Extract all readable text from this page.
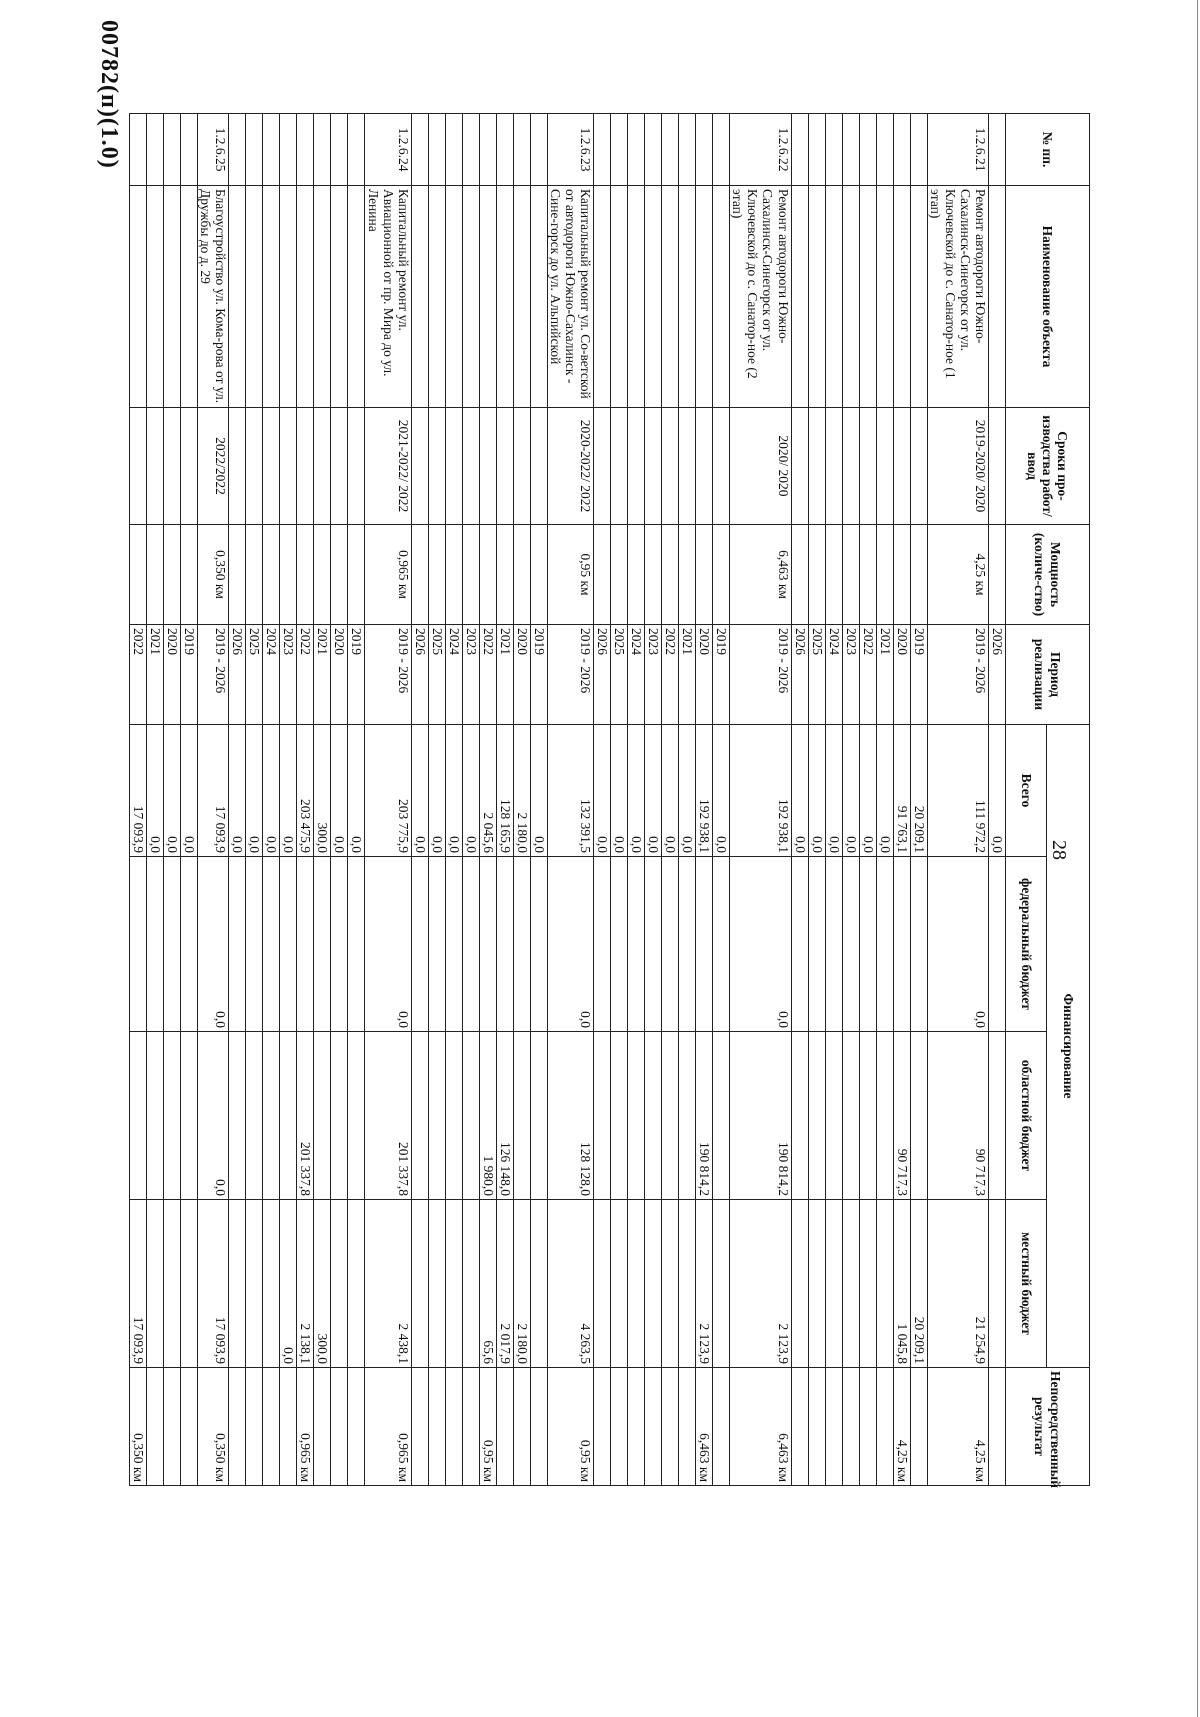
28
№ пп.	Наименование объекта	Сроки про-изводства работ/ ввод	Мощность (количе-ство)	Период реализации	Финансирование				Непосредственный результат
					Всего	федеральный бюджет	областной бюджет	местный бюджет	
				2026	0,0				
1.2.6.21	Ремонт автодороги Южно-Сахалинск-Синегорск от ул. Ключевской до с. Санатор-ное (1 этап)	2019-2020/ 2020	4,25 км	2019 - 2026	111 972,2	0,0	90 717,3	21 254,9	4,25 км
				2019	20 209,1			20 209,1	
				2020	91 763,1		90 717,3	1 045,8	4,25 км
				2021	0,0				
				2022	0,0				
				2023	0,0				
				2024	0,0				
				2025	0,0				
				2026	0,0				
1.2.6.22	Ремонт автодороги Южно-Сахалинск-Синегорск от ул. Ключевской до с. Санатор-ное (2 этап)	2020/ 2020	6,463 км	2019 - 2026	192 938,1	0,0	190 814,2	2 123,9	6,463 км
				2019	0,0				
				2020	192 938,1		190 814,2	2 123,9	6,463 км
				2021	0,0				
				2022	0,0				
				2023	0,0				
				2024	0,0				
				2025	0,0				
				2026	0,0				
1.2.6.23	Капитальный ремонт ул. Со-ветской от автодороги Южно-Сахалинск - Сине-горск до ул. Альпийской	2020-2022/ 2022	0,95 км	2019 - 2026	132 391,5	0,0	128 128,0	4 263,5	0,95 км
				2019	0,0				
				2020	2 180,0			2 180,0	
				2021	128 165,9		126 148,0	2 017,9	
				2022	2 045,6		1 980,0	65,6	0,95 км
				2023	0,0				
				2024	0,0				
				2025	0,0				
				2026	0,0				
1.2.6.24	Капитальный ремонт ул. Авиационной от пр. Мира до ул. Ленина	2021-2022/ 2022	0,965 км	2019 - 2026	203 775,9	0,0	201 337,8	2 438,1	0,965 км
				2019	0,0				
				2020	0,0				
				2021	300,0			300,0	
				2022	203 475,9		201 337,8	2 138,1	0,965 км
				2023	0,0			0,0	
				2024	0,0				
				2025	0,0				
				2026	0,0				
1.2.6.25	Благоустройство ул. Кома-рова от ул. Дружбы до д. 29	2022/2022	0,350 км	2019 - 2026	17 093,9	0,0	0,0	17 093,9	0,350 км
				2019	0,0				
				2020	0,0				
				2021	0,0				
				2022	17 093,9			17 093,9	0,350 км
00782(п)(1.0)
